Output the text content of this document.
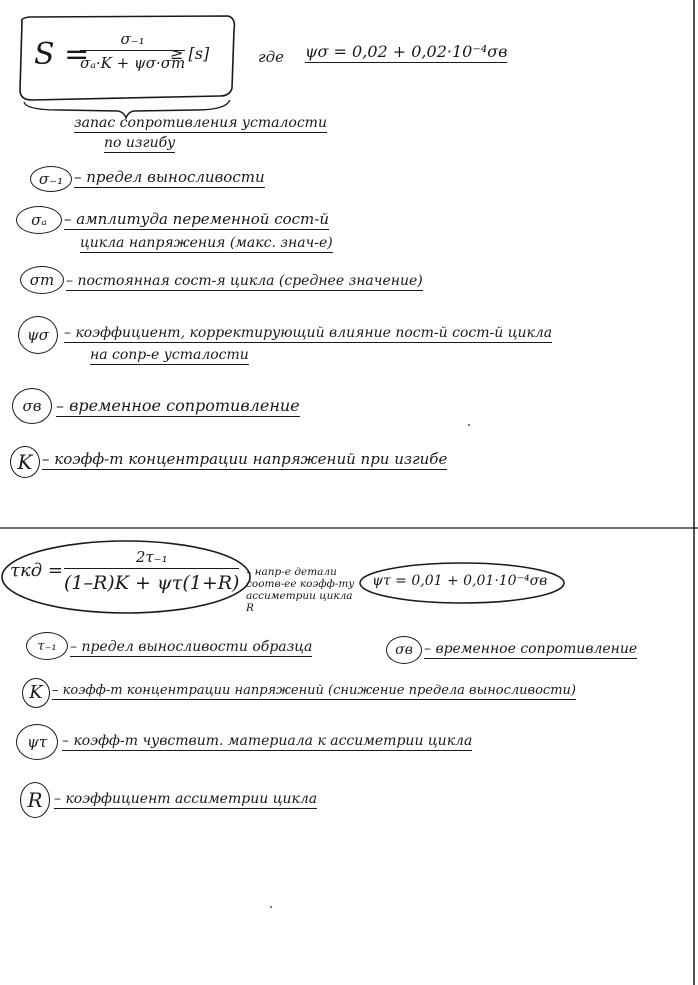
S =
$\frac{\text{σ₋₁}}{\text{σₐ·K + ψσ·σm}}$
≥ [s]	где ψσ = 0,02 + 0,02·10⁻⁴σв
запас сопротивления усталости
по изгибу
σ₋₁ – предел выносливости
σₐ	– амплитуда переменной сост-й
цикла напряжения (макс. знач-е)
σm – постоянная сост-я цикла (среднее значение)
ψσ	– коэффициент, корректирующий влияние пост-й сост-й цикла
на сопр-е усталости
σв – временное сопротивление
K – коэфф-т концентрации напряжений при изгибе
τкд =
2τ₋₁
(1–R)K + ψτ(1+R) – напр-е детали соотв-ее коэфф-ту ассиметрии цикла R
ψτ = 0,01 + 0,01·10⁻⁴σв
τ₋₁ – предел выносливости образца	σв – временное сопротивление
K – коэфф-т концентрации напряжений (снижение предела выносливости)
ψτ	– коэфф-т чувствит. материала к ассиметрии цикла
R – коэффициент ассиметрии цикла
